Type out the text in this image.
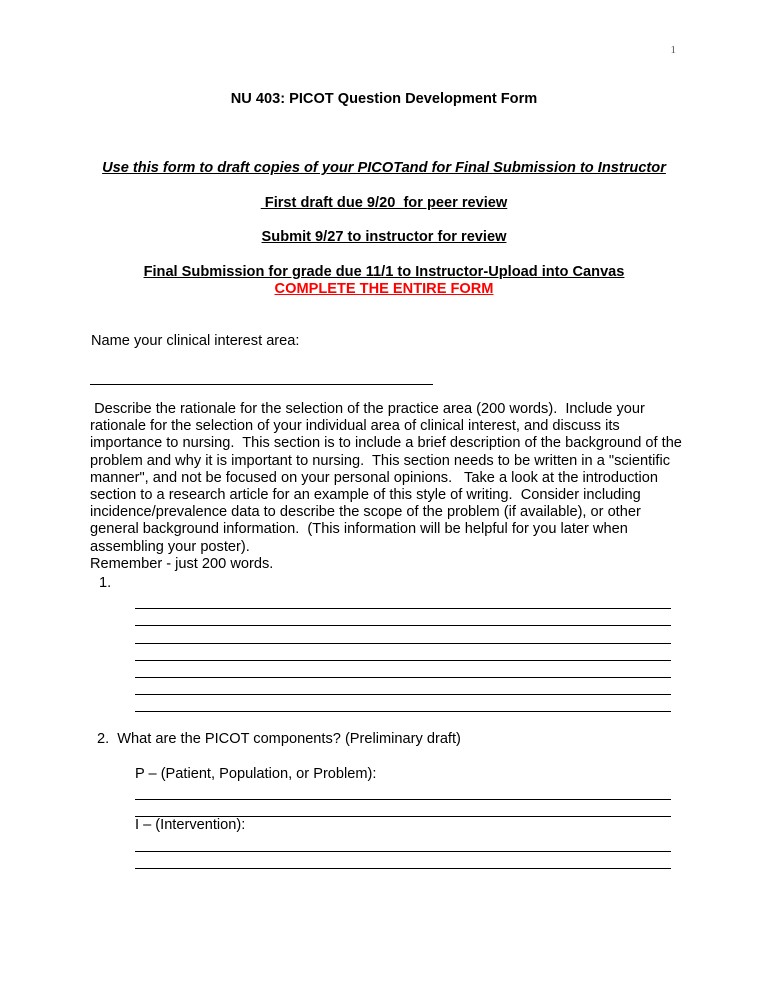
1
NU 403: PICOT Question Development Form
Use this form to draft copies of your PICOTand for Final Submission to Instructor
First draft due 9/20  for peer review
Submit 9/27 to instructor for review
Final Submission for grade due 11/1 to Instructor-Upload into Canvas
COMPLETE THE ENTIRE FORM
Name your clinical interest area:
Describe the rationale for the selection of the practice area (200 words).  Include your rationale for the selection of your individual area of clinical interest, and discuss its importance to nursing.  This section is to include a brief description of the background of the problem and why it is important to nursing.  This section needs to be written in a "scientific manner", and not be focused on your personal opinions.   Take a look at the introduction section to a research article for an example of this style of writing.  Consider including incidence/prevalence data to describe the scope of the problem (if available), or other general background information.  (This information will be helpful for you later when assembling your poster).
Remember - just 200 words.
1.
2.  What are the PICOT components? (Preliminary draft)
P – (Patient, Population, or Problem):
I – (Intervention):
